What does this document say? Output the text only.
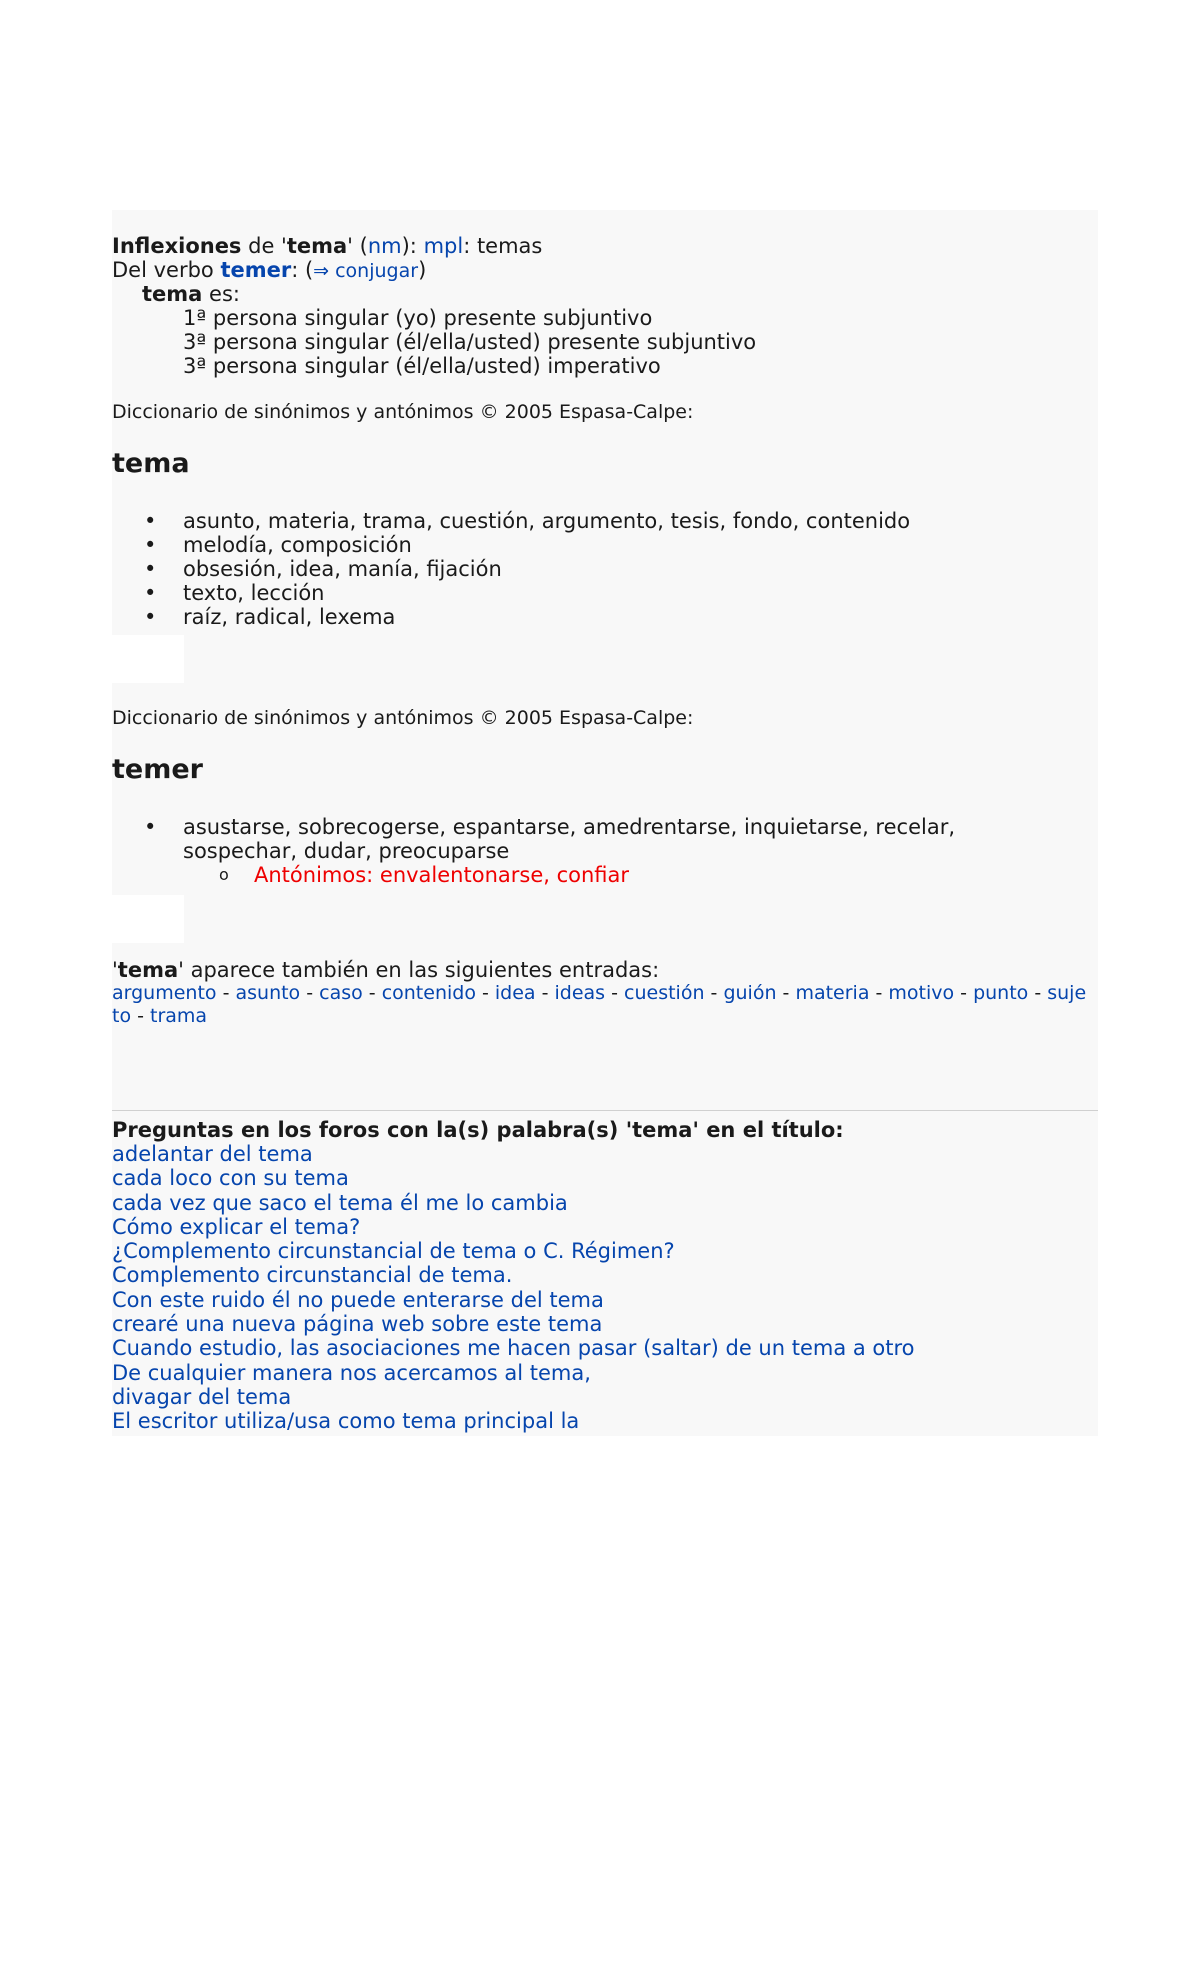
Inflexiones de 'tema' (nm): mpl: temas
Del verbo temer: (⇒ conjugar)
tema es:
1ª persona singular (yo) presente subjuntivo
3ª persona singular (él/ella/usted) presente subjuntivo
3ª persona singular (él/ella/usted) imperativo
Diccionario de sinónimos y antónimos © 2005 Espasa-Calpe:
tema
• asunto, materia, trama, cuestión, argumento, tesis, fondo, contenido
• melodía, composición
• obsesión, idea, manía, fijación
• texto, lección
• raíz, radical, lexema
Diccionario de sinónimos y antónimos © 2005 Espasa-Calpe:
temer
• asustarse, sobrecogerse, espantarse, amedrentarse, inquietarse, recelar, sospechar, dudar, preocuparse
o Antónimos: envalentonarse, confiar
'tema' aparece también en las siguientes entradas:
argumento - asunto - caso - contenido - idea - ideas - cuestión - guión - materia - motivo - punto - sujeto - trama
Preguntas en los foros con la(s) palabra(s) 'tema' en el título:
adelantar del tema
cada loco con su tema
cada vez que saco el tema él me lo cambia
Cómo explicar el tema?
¿Complemento circunstancial de tema o C. Régimen?
Complemento circunstancial de tema.
Con este ruido él no puede enterarse del tema
crearé una nueva página web sobre este tema
Cuando estudio, las asociaciones me hacen pasar (saltar) de un tema a otro
De cualquier manera nos acercamos al tema,
divagar del tema
El escritor utiliza/usa como tema principal la
